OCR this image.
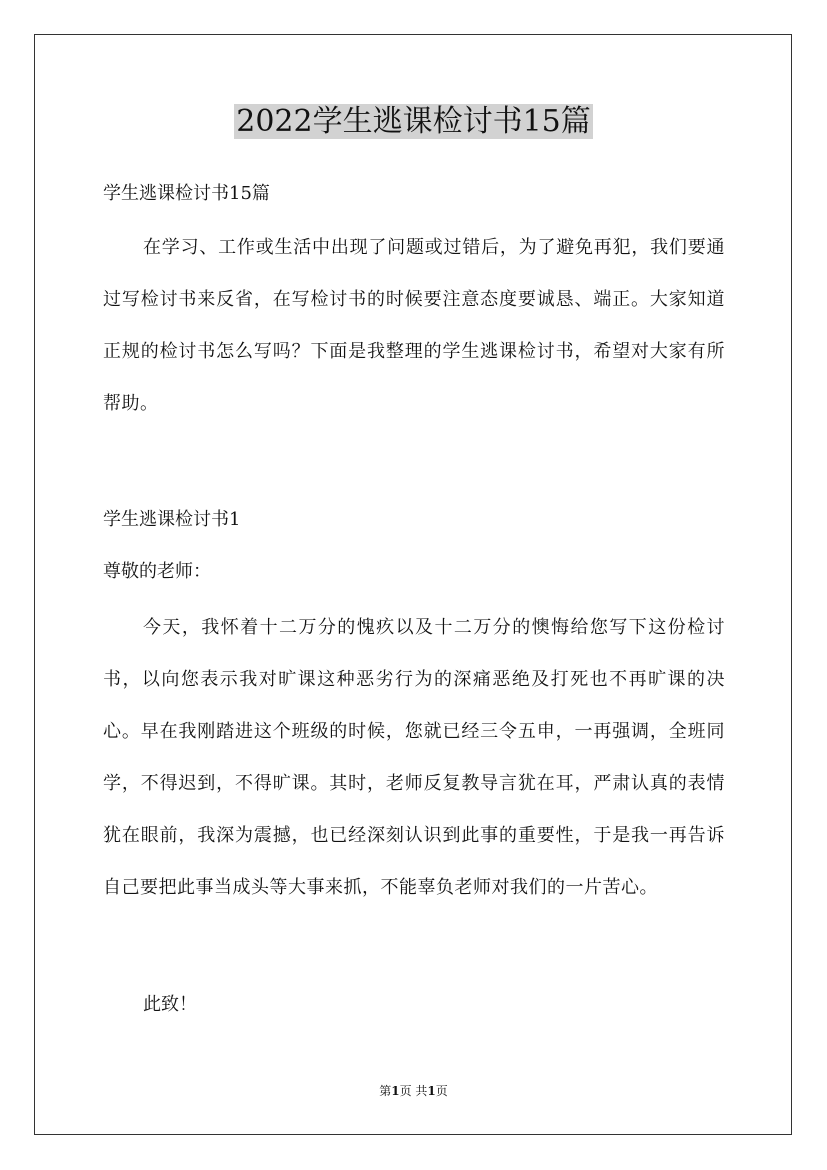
2022学生逃课检讨书15篇
学生逃课检讨书15篇
在学习、工作或生活中出现了问题或过错后，为了避免再犯，我们要通过写检讨书来反省，在写检讨书的时候要注意态度要诚恳、端正。大家知道正规的检讨书怎么写吗？下面是我整理的学生逃课检讨书，希望对大家有所帮助。
学生逃课检讨书1
尊敬的老师：
今天，我怀着十二万分的愧疚以及十二万分的懊悔给您写下这份检讨书，以向您表示我对旷课这种恶劣行为的深痛恶绝及打死也不再旷课的决心。早在我刚踏进这个班级的时候，您就已经三令五申，一再强调，全班同学，不得迟到，不得旷课。其时，老师反复教导言犹在耳，严肃认真的表情犹在眼前，我深为震撼，也已经深刻认识到此事的重要性，于是我一再告诉自己要把此事当成头等大事来抓，不能辜负老师对我们的一片苦心。
此致！
第1页 共1页
